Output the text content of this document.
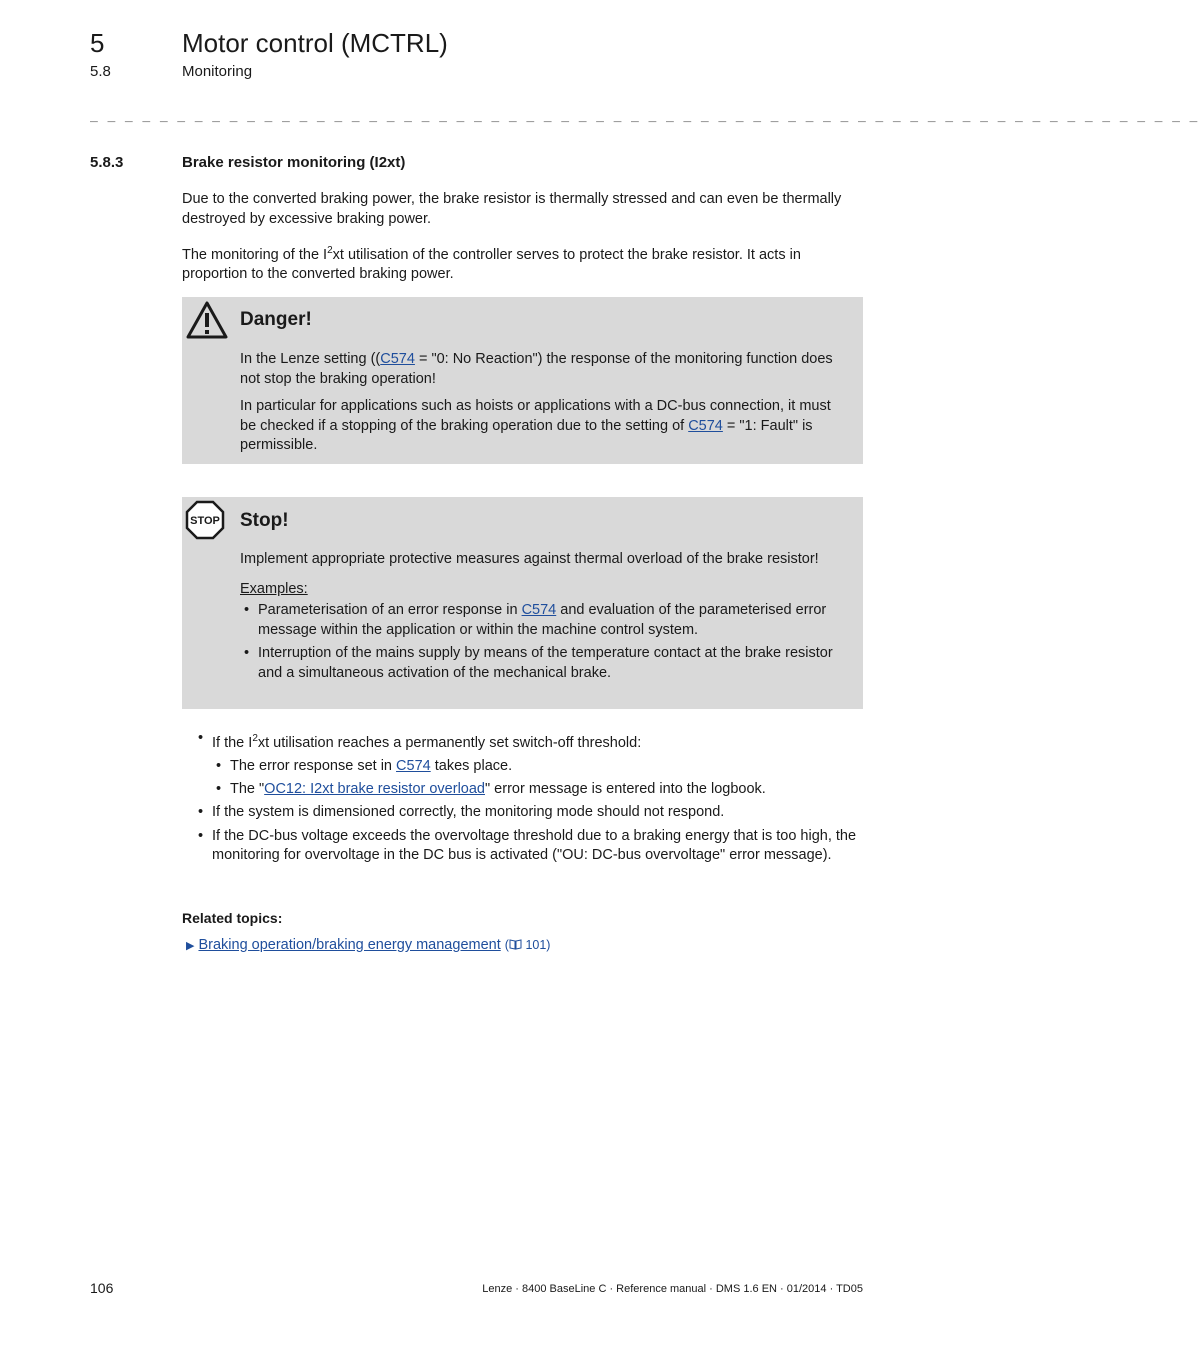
5	Motor control (MCTRL)
5.8	Monitoring
_ _ _ _ _ _ _ _ _ _ _ _ _ _ _ _ _ _ _ _ _ _ _ _ _ _ _ _ _ _ _ _ _ _ _ _ _ _ _ _ _ _ _ _ _ _ _ _ _ _ _ _ _ _ _ _ _ _ _ _ _ _ _ _
5.8.3	Brake resistor monitoring (I2xt)
Due to the converted braking power, the brake resistor is thermally stressed and can even be thermally destroyed by excessive braking power.
The monitoring of the $I^2xt$ utilisation of the controller serves to protect the brake resistor. It acts in proportion to the converted braking power.
Danger!

In the Lenze setting ((C574 = "0: No Reaction") the response of the monitoring function does not stop the braking operation!

In particular for applications such as hoists or applications with a DC-bus connection, it must be checked if a stopping of the braking operation due to the setting of C574 = "1: Fault" is permissible.

STOP Stop!

Implement appropriate protective measures against thermal overload of the brake resistor!

Examples:
• Parameterisation of an error response in C574 and evaluation of the parameterised error message within the application or within the machine control system.
• Interruption of the mains supply by means of the temperature contact at the brake resistor and a simultaneous activation of the mechanical brake.
• If the $I^2xt$ utilisation reaches a permanently set switch-off threshold:
• The error response set in C574 takes place.
• The "OC12: I2xt brake resistor overload" error message is entered into the logbook.
• If the system is dimensioned correctly, the monitoring mode should not respond.
• If the DC-bus voltage exceeds the overvoltage threshold due to a braking energy that is too high, the monitoring for overvoltage in the DC bus is activated ("OU: DC-bus overvoltage" error message).
Related topics:
▶ Braking operation/braking energy management ( 101)
106	Lenze · 8400 BaseLine C · Reference manual · DMS 1.6 EN · 01/2014 · TD05
